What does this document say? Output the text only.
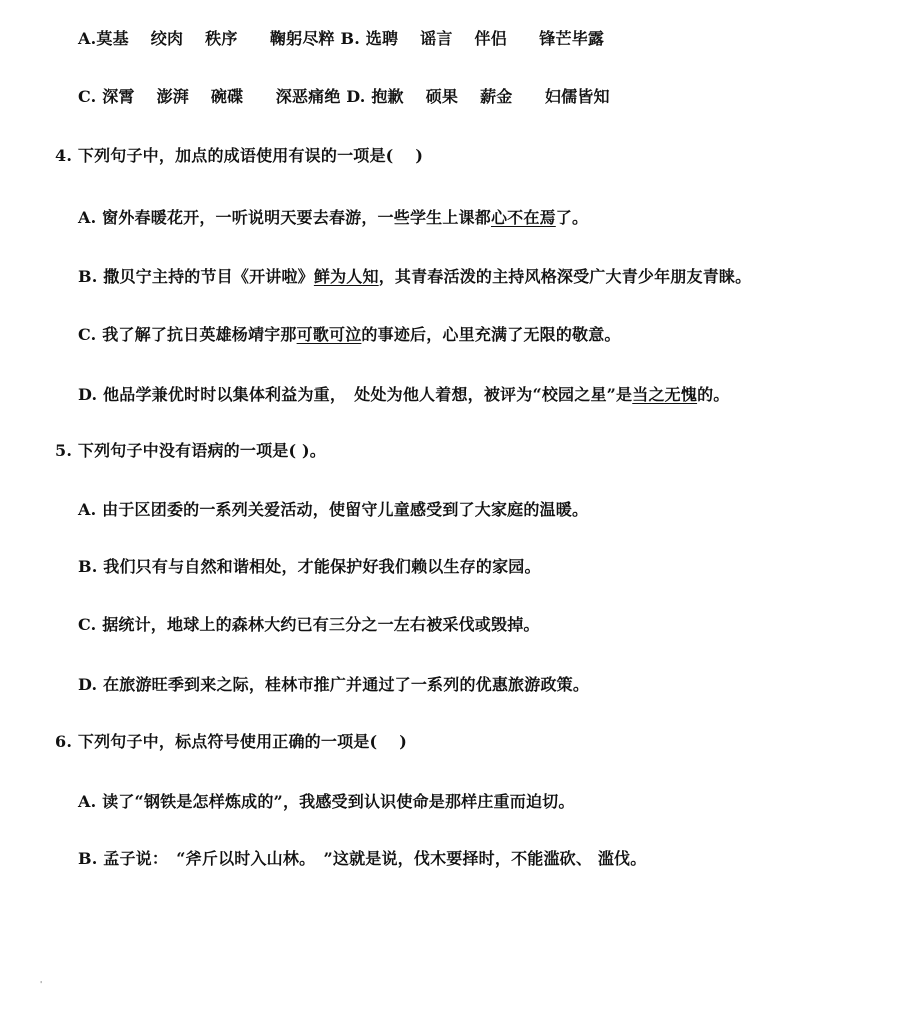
A.莫基　 绞肉　 秩序　　鞠躬尽粹 B. 选聘　 谣言　 伴侣　　锋芒毕露
C. 深霄　 澎湃　 碗碟　　深恶痛绝 D. 抱歉　 硕果　 薪金　　妇儒皆知
4. 下列句子中，加点的成语使用有误的一项是(　 )
A. 窗外春暖花开，一听说明天要去春游，一些学生上课都心不在焉了。
B. 撒贝宁主持的节目《开讲啦》鲜为人知，其青春活泼的主持风格深受广大青少年朋友青睐。
C. 我了解了抗日英雄杨靖宇那可歌可泣的事迹后，心里充满了无限的敬意。
D. 他品学兼优时时以集体利益为重，　处处为他人着想，被评为“校园之星”是当之无愧的。
5. 下列句子中没有语病的一项是( )。
A. 由于区团委的一系列关爱活动，使留守儿童感受到了大家庭的温暖。
B. 我们只有与自然和谐相处，才能保护好我们赖以生存的家园。
C. 据统计，地球上的森林大约已有三分之一左右被采伐或毁掉。
D. 在旅游旺季到来之际，桂林市推广并通过了一系列的优惠旅游政策。
6. 下列句子中，标点符号使用正确的一项是(　 )
A. 读了“钢铁是怎样炼成的”，我感受到认识使命是那样庄重而迫切。
B. 孟子说：　“斧斤以时入山林。　”这就是说，伐木要择时，不能滥砍、 滥伐。
'
